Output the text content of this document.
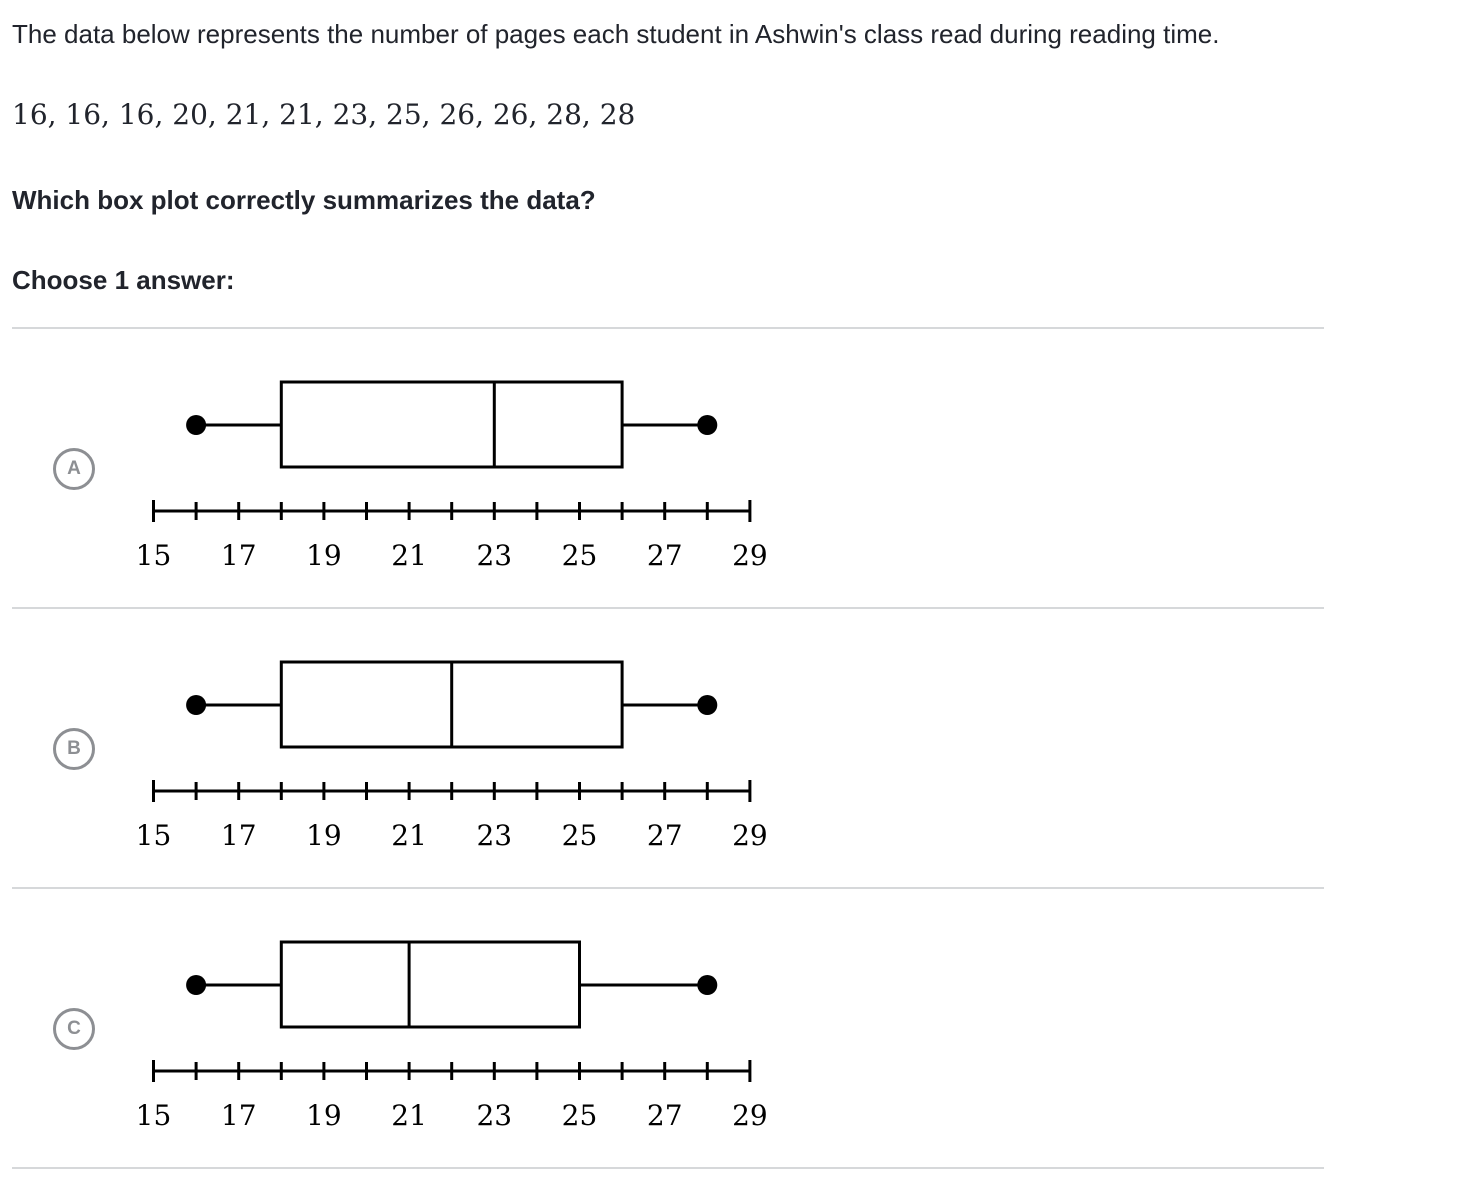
The data below represents the number of pages each student in Ashwin's class read during reading time.
16, 16, 16, 20, 21, 21, 23, 25, 26, 26, 28, 28
Which box plot correctly summarizes the data?
Choose 1 answer:
A
15 17 19 21 23 25 27 29
B
15 17 19 21 23 25 27 29
C
15 17 19 21 23 25 27 29
